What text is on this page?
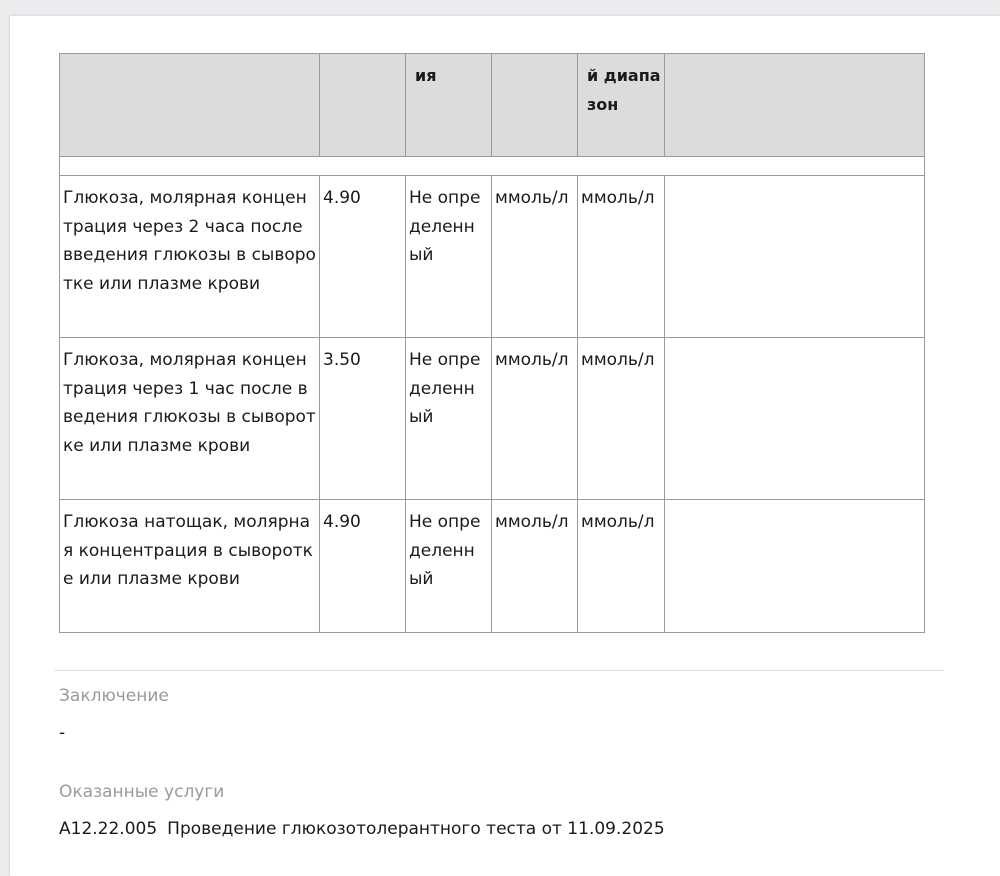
		ия		й диапа зон	

Глюкоза, молярная концентрация через 2 часа после введения глюкозы в сыворотке или плазме крови	4.90	Не определенный	ммоль/л	ммоль/л	
Глюкоза, молярная концентрация через 1 час после введения глюкозы в сыворотке или плазме крови	3.50	Не определенный	ммоль/л	ммоль/л	
Глюкоза натощак, молярная концентрация в сыворотке или плазме крови	4.90	Не определенный	ммоль/л	ммоль/л	
Заключение
-
Оказанные услуги
A12.22.005 Проведение глюкозотолерантного теста от 11.09.2025
